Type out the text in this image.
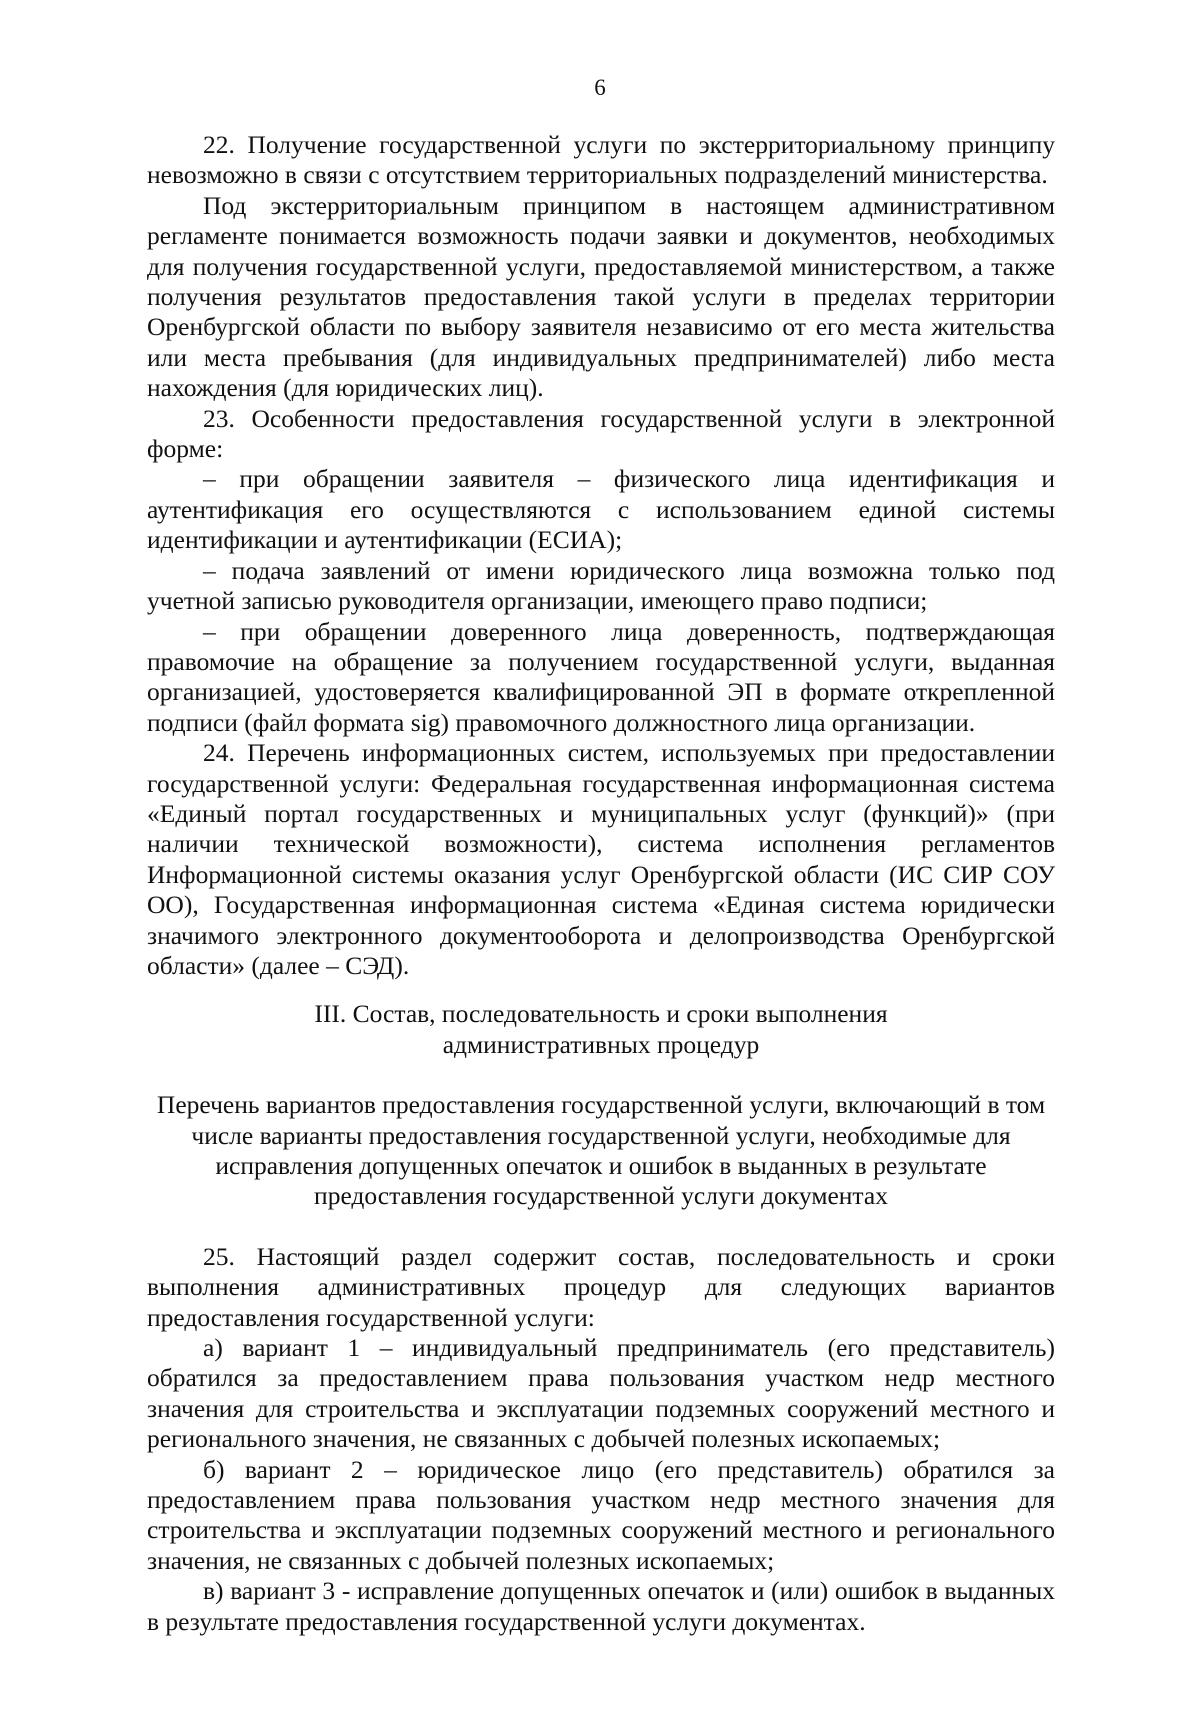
6

22. Получение государственной услуги по экстерриториальному принципу невозможно в связи с отсутствием территориальных подразделений министерства.

Под экстерриториальным принципом в настоящем административном регламенте понимается возможность подачи заявки и документов, необходимых для получения государственной услуги, предоставляемой министерством, а также получения результатов предоставления такой услуги в пределах территории Оренбургской области по выбору заявителя независимо от его места жительства или места пребывания (для индивидуальных предпринимателей) либо места нахождения (для юридических лиц).

23. Особенности предоставления государственной услуги в электронной форме:

– при обращении заявителя – физического лица идентификация и аутентификация его осуществляются с использованием единой системы идентификации и аутентификации (ЕСИА);

– подача заявлений от имени юридического лица возможна только под учетной записью руководителя организации, имеющего право подписи;

– при обращении доверенного лица доверенность, подтверждающая правомочие на обращение за получением государственной услуги, выданная организацией, удостоверяется квалифицированной ЭП в формате открепленной подписи (файл формата sig) правомочного должностного лица организации.

24. Перечень информационных систем, используемых при предоставлении государственной услуги: Федеральная государственная информационная система «Единый портал государственных и муниципальных услуг (функций)» (при наличии технической возможности), система исполнения регламентов Информационной системы оказания услуг Оренбургской области (ИС СИР СОУ ОО), Государственная информационная система «Единая система юридически значимого электронного документооборота и делопроизводства Оренбургской области» (далее – СЭД).

III. Состав, последовательность и сроки выполнения
административных процедур
Перечень вариантов предоставления государственной услуги, включающий в том
числе варианты предоставления государственной услуги, необходимые для
исправления допущенных опечаток и ошибок в выданных в результате
предоставления государственной услуги документах

25. Настоящий раздел содержит состав, последовательность и сроки выполнения административных процедур для следующих вариантов предоставления государственной услуги:

а) вариант 1 – индивидуальный предприниматель (его представитель) обратился за предоставлением права пользования участком недр местного значения для строительства и эксплуатации подземных сооружений местного и регионального значения, не связанных с добычей полезных ископаемых;

б) вариант 2 – юридическое лицо (его представитель) обратился за предоставлением права пользования участком недр местного значения для строительства и эксплуатации подземных сооружений местного и регионального значения, не связанных с добычей полезных ископаемых;

в) вариант 3 - исправление допущенных опечаток и (или) ошибок в выданных в результате предоставления государственной услуги документах.
